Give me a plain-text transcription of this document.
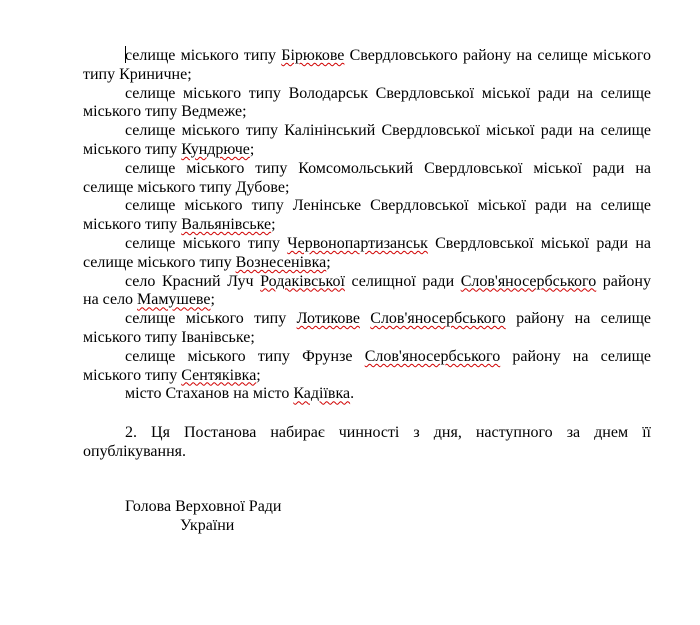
селище міського типу Бірюкове Свердловського району на селище міського типу Криничне;

селище міського типу Володарськ Свердловської міської ради на селище міського типу Ведмеже;

селище міського типу Калінінський Свердловської міської ради на селище міського типу Кундрюче;

селище міського типу Комсомольський Свердловської міської ради на селище міського типу Дубове;

селище міського типу Ленінське Свердловської міської ради на селище міського типу Вальянівське;

селище міського типу Червонопартизанськ Свердловської міської ради на селище міського типу Вознесенівка;

село Красний Луч Родаківської селищної ради Слов'яносербського району на село Мамушеве;

селище міського типу Лотикове Слов'яносербського району на селище міського типу Іванівське;

селище міського типу Фрунзе Слов'яносербського району на селище міського типу Сентяківка;

місто Стаханов на місто Кадіївка.

2. Ця Постанова набирає чинності з дня, наступного за днем її опублікування.

Голова Верховної Ради
України
